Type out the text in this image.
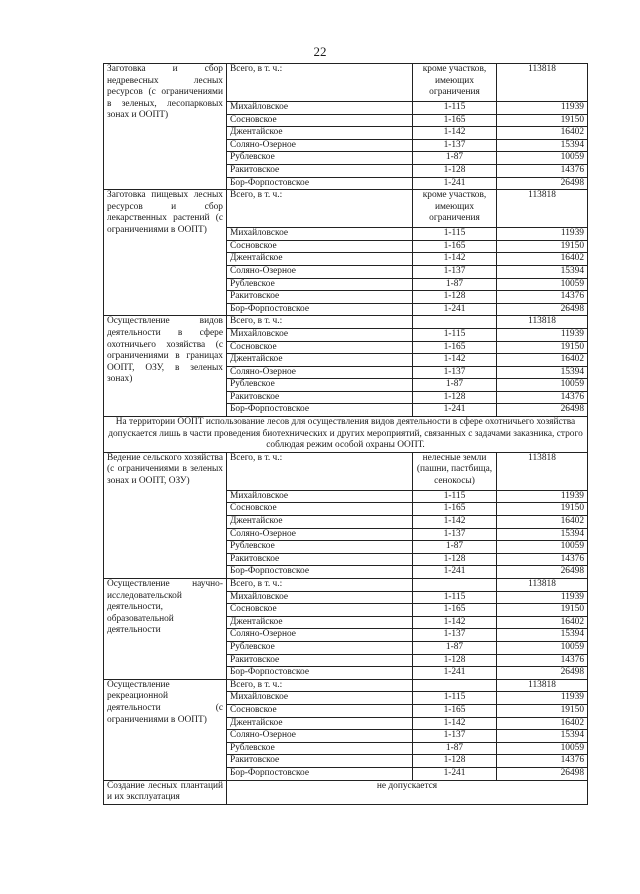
22
Заготовка и сбор недревесных лесных ресурсов (с ограничениями в зеленых, лесопарковых зонах и ООПТ)	Всего, в т. ч.:	кроме участков, имеющих ограничения	113818
	Михайловское	1-115	11939
	Сосновское	1-165	19150
	Джентайское	1-142	16402
	Соляно-Озерное	1-137	15394
	Рублевское	1-87	10059
	Ракитовское	1-128	14376
	Бор-Форпостовское	1-241	26498
Заготовка пищевых лесных ресурсов и сбор лекарственных растений (с ограничениями в ООПТ)	Всего, в т. ч.:	кроме участков, имеющих ограничения	113818
	Михайловское	1-115	11939
	Сосновское	1-165	19150
	Джентайское	1-142	16402
	Соляно-Озерное	1-137	15394
	Рублевское	1-87	10059
	Ракитовское	1-128	14376
	Бор-Форпостовское	1-241	26498
Осуществление видов деятельности в сфере охотничьего хозяйства (с ограничениями в границах ООПТ, ОЗУ, в зеленых зонах)	Всего, в т. ч.:		113818
	Михайловское	1-115	11939
	Сосновское	1-165	19150
	Джентайское	1-142	16402
	Соляно-Озерное	1-137	15394
	Рублевское	1-87	10059
	Ракитовское	1-128	14376
	Бор-Форпостовское	1-241	26498
На территории ООПТ использование лесов для осуществления видов деятельности в сфере охотничьего хозяйства допускается лишь в части проведения биотехнических и других мероприятий, связанных с задачами заказника, строго соблюдая режим особой охраны ООПТ.			
Ведение сельского хозяйства (с ограничениями в зеленых зонах и ООПТ, ОЗУ)	Всего, в т. ч.:	нелесные земли (пашни, пастбища, сенокосы)	113818
	Михайловское	1-115	11939
	Сосновское	1-165	19150
	Джентайское	1-142	16402
	Соляно-Озерное	1-137	15394
	Рублевское	1-87	10059
	Ракитовское	1-128	14376
	Бор-Форпостовское	1-241	26498
Осуществление научно-исследовательской деятельности, образовательной деятельности	Всего, в т. ч.:		113818
	Михайловское	1-115	11939
	Сосновское	1-165	19150
	Джентайское	1-142	16402
	Соляно-Озерное	1-137	15394
	Рублевское	1-87	10059
	Ракитовское	1-128	14376
	Бор-Форпостовское	1-241	26498
Осуществление рекреационной деятельности (с ограничениями в ООПТ)	Всего, в т. ч.:		113818
	Михайловское	1-115	11939
	Сосновское	1-165	19150
	Джентайское	1-142	16402
	Соляно-Озерное	1-137	15394
	Рублевское	1-87	10059
	Ракитовское	1-128	14376
	Бор-Форпостовское	1-241	26498
Создание лесных плантаций и их эксплуатация	не допускается		
